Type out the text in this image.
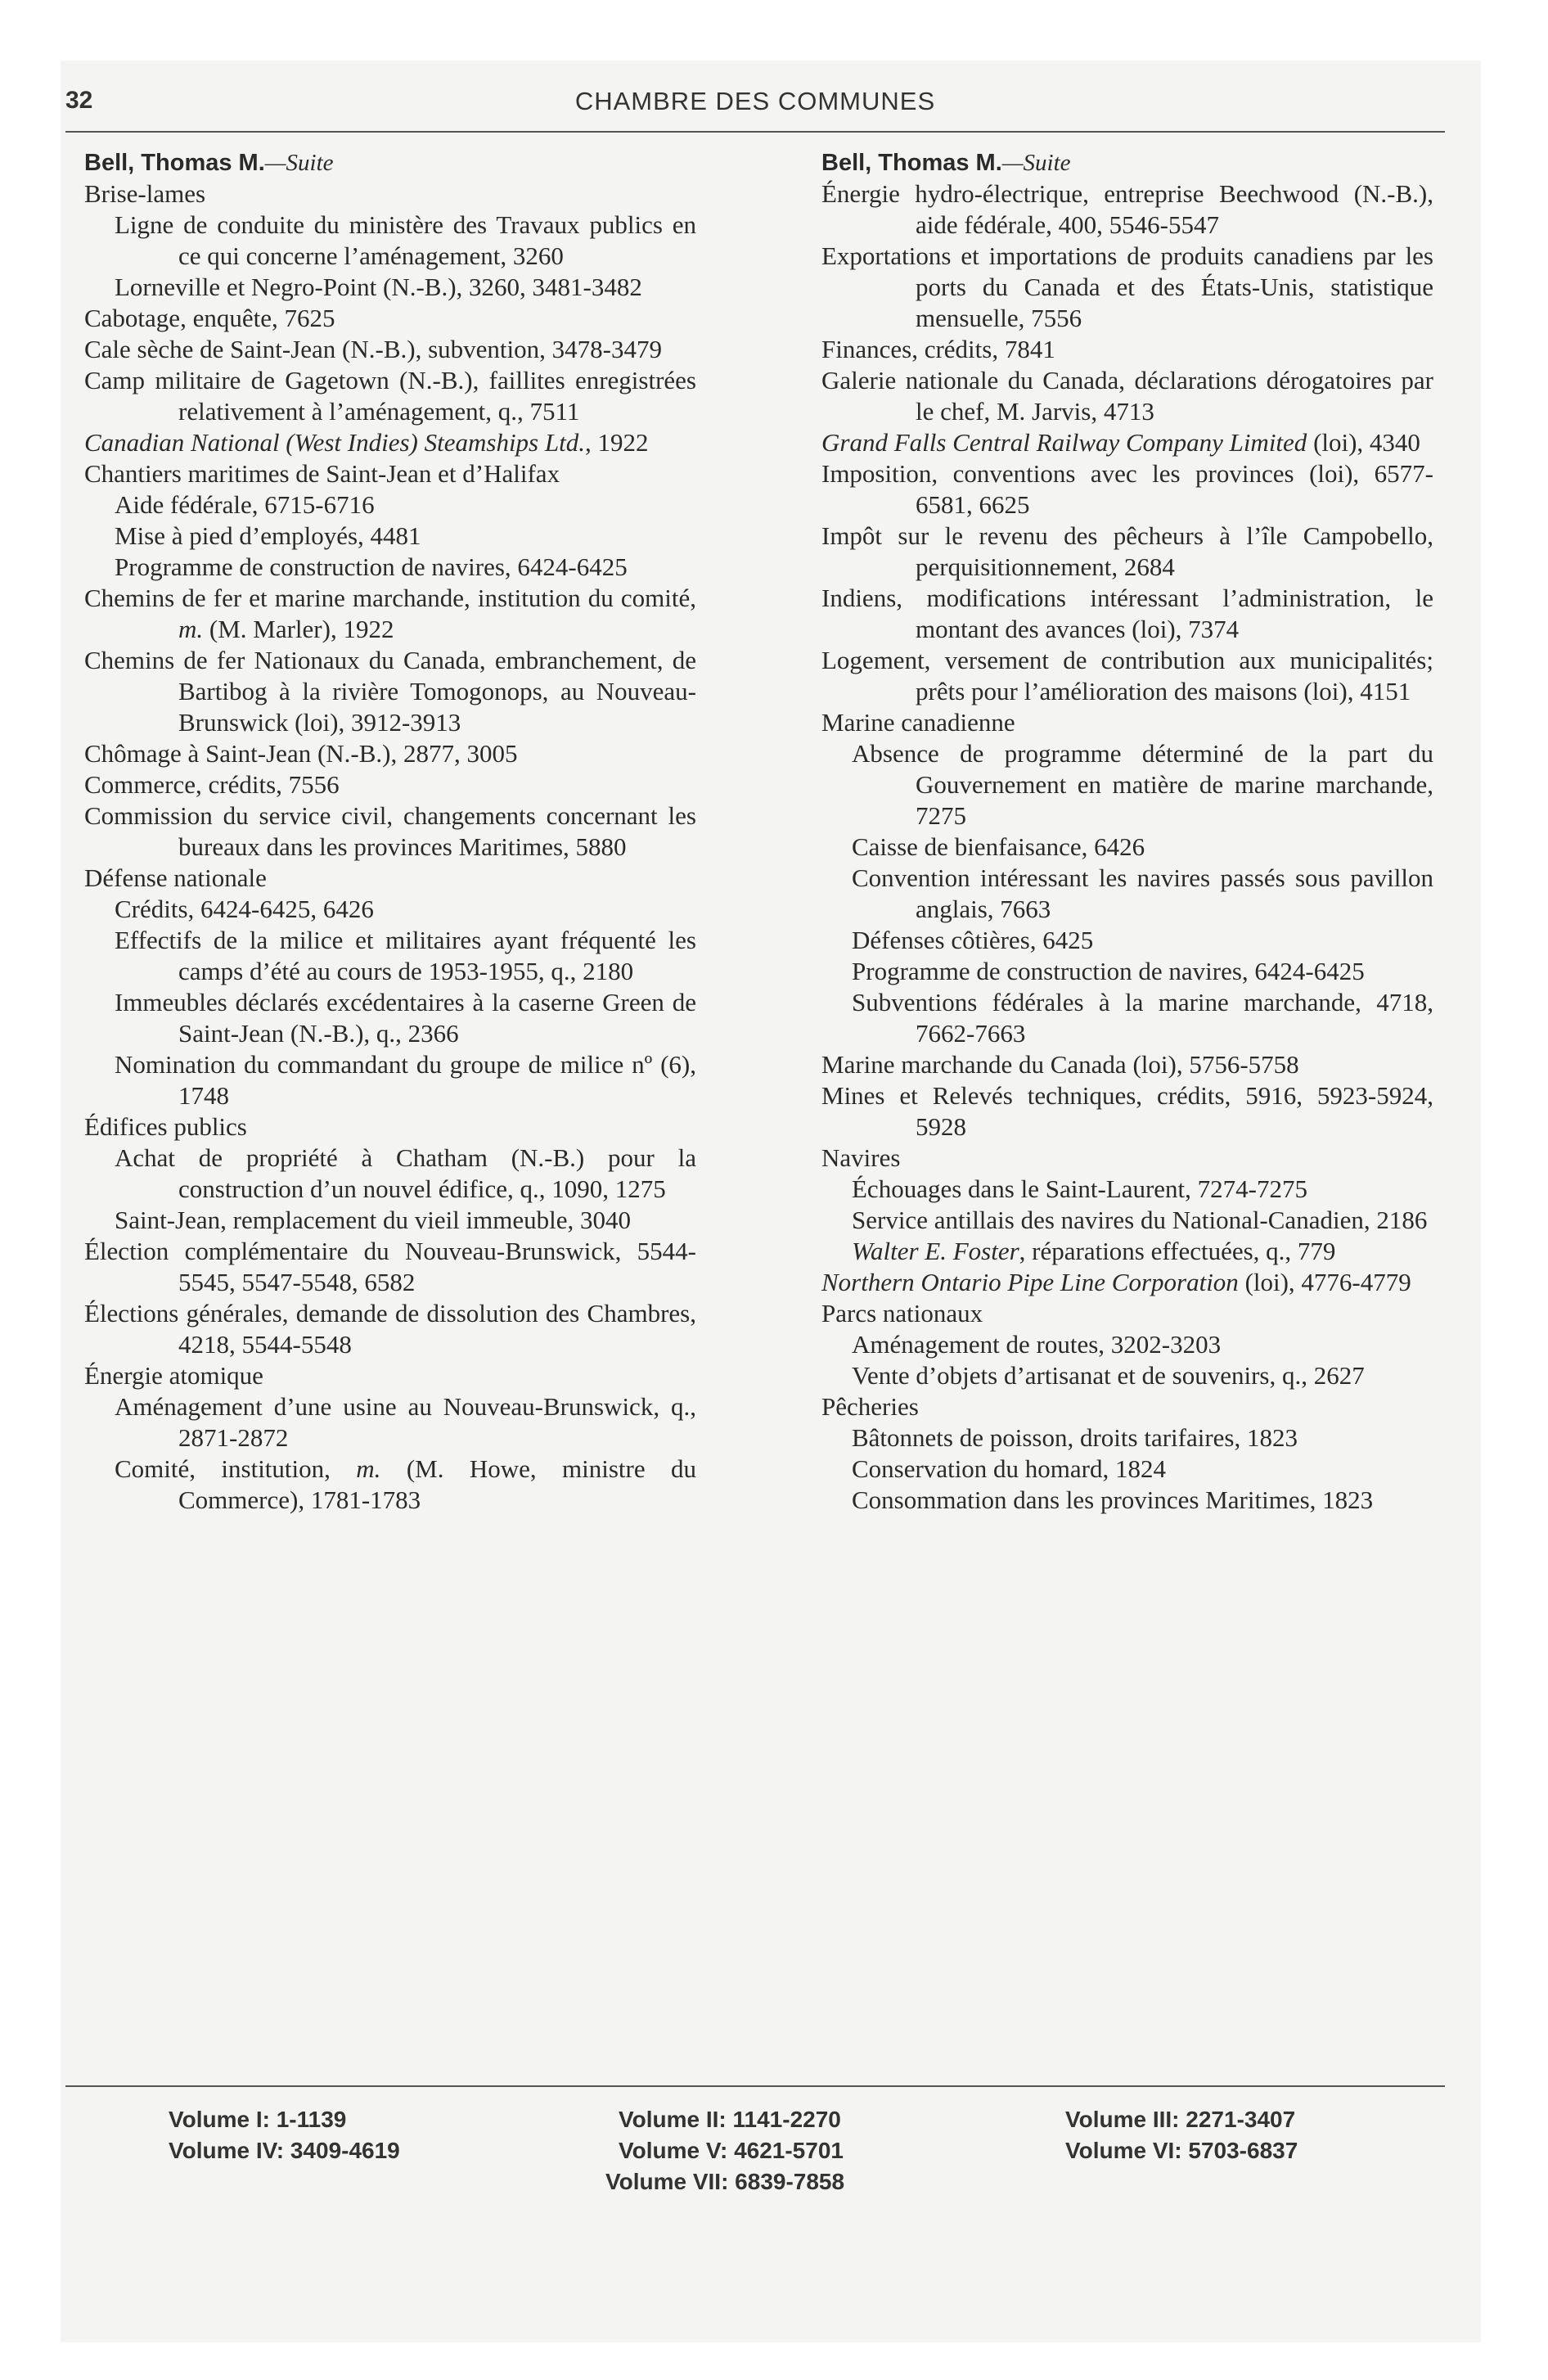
32	CHAMBRE DES COMMUNES
Bell, Thomas M.—Suite
Brise-lames
Ligne de conduite du ministère des Travaux publics en ce qui concerne l’aménagement, 3260
Lorneville et Negro-Point (N.-B.), 3260, 3481-3482
Cabotage, enquête, 7625
Cale sèche de Saint-Jean (N.-B.), subvention, 3478-3479
Camp militaire de Gagetown (N.-B.), faillites enregistrées relativement à l’aménagement, q., 7511
Canadian National (West Indies) Steamships Ltd., 1922
Chantiers maritimes de Saint-Jean et d’Halifax
Aide fédérale, 6715-6716
Mise à pied d’employés, 4481
Programme de construction de navires, 6424-6425
Chemins de fer et marine marchande, institution du comité, m. (M. Marler), 1922
Chemins de fer Nationaux du Canada, embranchement, de Bartibog à la rivière Tomogonops, au Nouveau-Brunswick (loi), 3912-3913
Chômage à Saint-Jean (N.-B.), 2877, 3005
Commerce, crédits, 7556
Commission du service civil, changements concernant les bureaux dans les provinces Maritimes, 5880
Défense nationale
Crédits, 6424-6425, 6426
Effectifs de la milice et militaires ayant fréquenté les camps d’été au cours de 1953-1955, q., 2180
Immeubles déclarés excédentaires à la caserne Green de Saint-Jean (N.-B.), q., 2366
Nomination du commandant du groupe de milice nº (6), 1748
Édifices publics
Achat de propriété à Chatham (N.-B.) pour la construction d’un nouvel édifice, q., 1090, 1275
Saint-Jean, remplacement du vieil immeuble, 3040
Élection complémentaire du Nouveau-Brunswick, 5544-5545, 5547-5548, 6582
Élections générales, demande de dissolution des Chambres, 4218, 5544-5548
Énergie atomique
Aménagement d’une usine au Nouveau-Brunswick, q., 2871-2872
Comité, institution, m. (M. Howe, ministre du Commerce), 1781-1783
Bell, Thomas M.—Suite
Énergie hydro-électrique, entreprise Beechwood (N.-B.), aide fédérale, 400, 5546-5547
Exportations et importations de produits canadiens par les ports du Canada et des États-Unis, statistique mensuelle, 7556
Finances, crédits, 7841
Galerie nationale du Canada, déclarations dérogatoires par le chef, M. Jarvis, 4713
Grand Falls Central Railway Company Limited (loi), 4340
Imposition, conventions avec les provinces (loi), 6577-6581, 6625
Impôt sur le revenu des pêcheurs à l’île Campobello, perquisitionnement, 2684
Indiens, modifications intéressant l’administration, le montant des avances (loi), 7374
Logement, versement de contribution aux municipalités; prêts pour l’amélioration des maisons (loi), 4151
Marine canadienne
Absence de programme déterminé de la part du Gouvernement en matière de marine marchande, 7275
Caisse de bienfaisance, 6426
Convention intéressant les navires passés sous pavillon anglais, 7663
Défenses côtières, 6425
Programme de construction de navires, 6424-6425
Subventions fédérales à la marine marchande, 4718, 7662-7663
Marine marchande du Canada (loi), 5756-5758
Mines et Relevés techniques, crédits, 5916, 5923-5924, 5928
Navires
Échouages dans le Saint-Laurent, 7274-7275
Service antillais des navires du National-Canadien, 2186
Walter E. Foster, réparations effectuées, q., 779
Northern Ontario Pipe Line Corporation (loi), 4776-4779
Parcs nationaux
Aménagement de routes, 3202-3203
Vente d’objets d’artisanat et de souvenirs, q., 2627
Pêcheries
Bâtonnets de poisson, droits tarifaires, 1823
Conservation du homard, 1824
Consommation dans les provinces Maritimes, 1823
Volume I: 1-1139	Volume II: 1141-2270	Volume III: 2271-3407
Volume IV: 3409-4619	Volume V: 4621-5701	Volume VI: 5703-6837
Volume VII: 6839-7858
